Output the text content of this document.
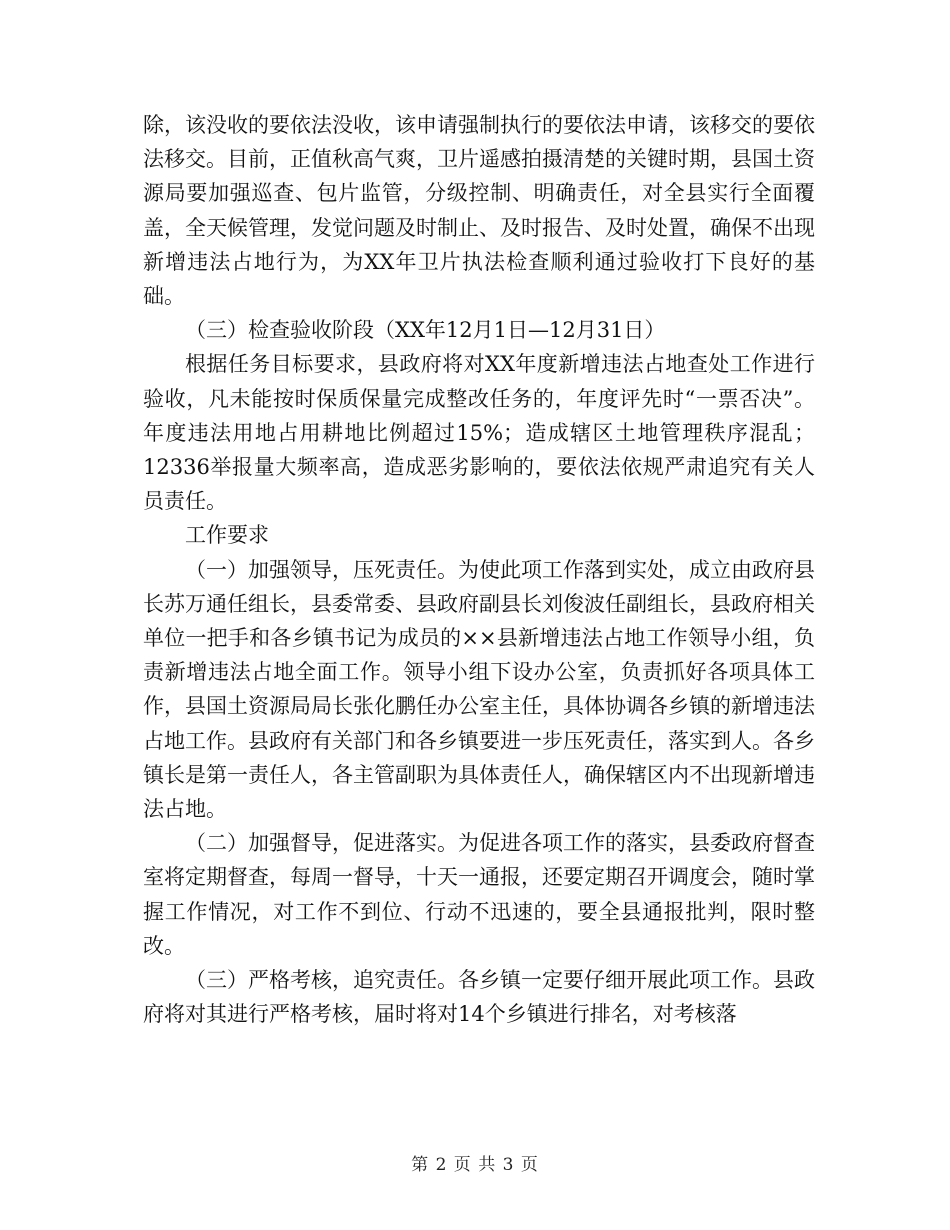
除，该没收的要依法没收，该申请强制执行的要依法申请，该移交的要依法移交。目前，正值秋高气爽，卫片遥感拍摄清楚的关键时期，县国土资源局要加强巡查、包片监管，分级控制、明确责任，对全县实行全面覆盖，全天候管理，发觉问题及时制止、及时报告、及时处置，确保不出现新增违法占地行为，为XX年卫片执法检查顺利通过验收打下良好的基础。

（三）检查验收阶段（XX年12月1日—12月31日）

根据任务目标要求，县政府将对XX年度新增违法占地查处工作进行验收，凡未能按时保质保量完成整改任务的，年度评先时“一票否决”。年度违法用地占用耕地比例超过15%；造成辖区土地管理秩序混乱；12336举报量大频率高，造成恶劣影响的，要依法依规严肃追究有关人员责任。

工作要求

（一）加强领导，压死责任。为使此项工作落到实处，成立由政府县长苏万通任组长，县委常委、县政府副县长刘俊波任副组长，县政府相关单位一把手和各乡镇书记为成员的××县新增违法占地工作领导小组，负责新增违法占地全面工作。领导小组下设办公室，负责抓好各项具体工作，县国土资源局局长张化鹏任办公室主任，具体协调各乡镇的新增违法占地工作。县政府有关部门和各乡镇要进一步压死责任，落实到人。各乡镇长是第一责任人，各主管副职为具体责任人，确保辖区内不出现新增违法占地。

（二）加强督导，促进落实。为促进各项工作的落实，县委政府督查室将定期督查，每周一督导，十天一通报，还要定期召开调度会，随时掌握工作情况，对工作不到位、行动不迅速的，要全县通报批判，限时整改。

（三）严格考核，追究责任。各乡镇一定要仔细开展此项工作。县政府将对其进行严格考核，届时将对14个乡镇进行排名，对考核落

第 2 页 共 3 页
